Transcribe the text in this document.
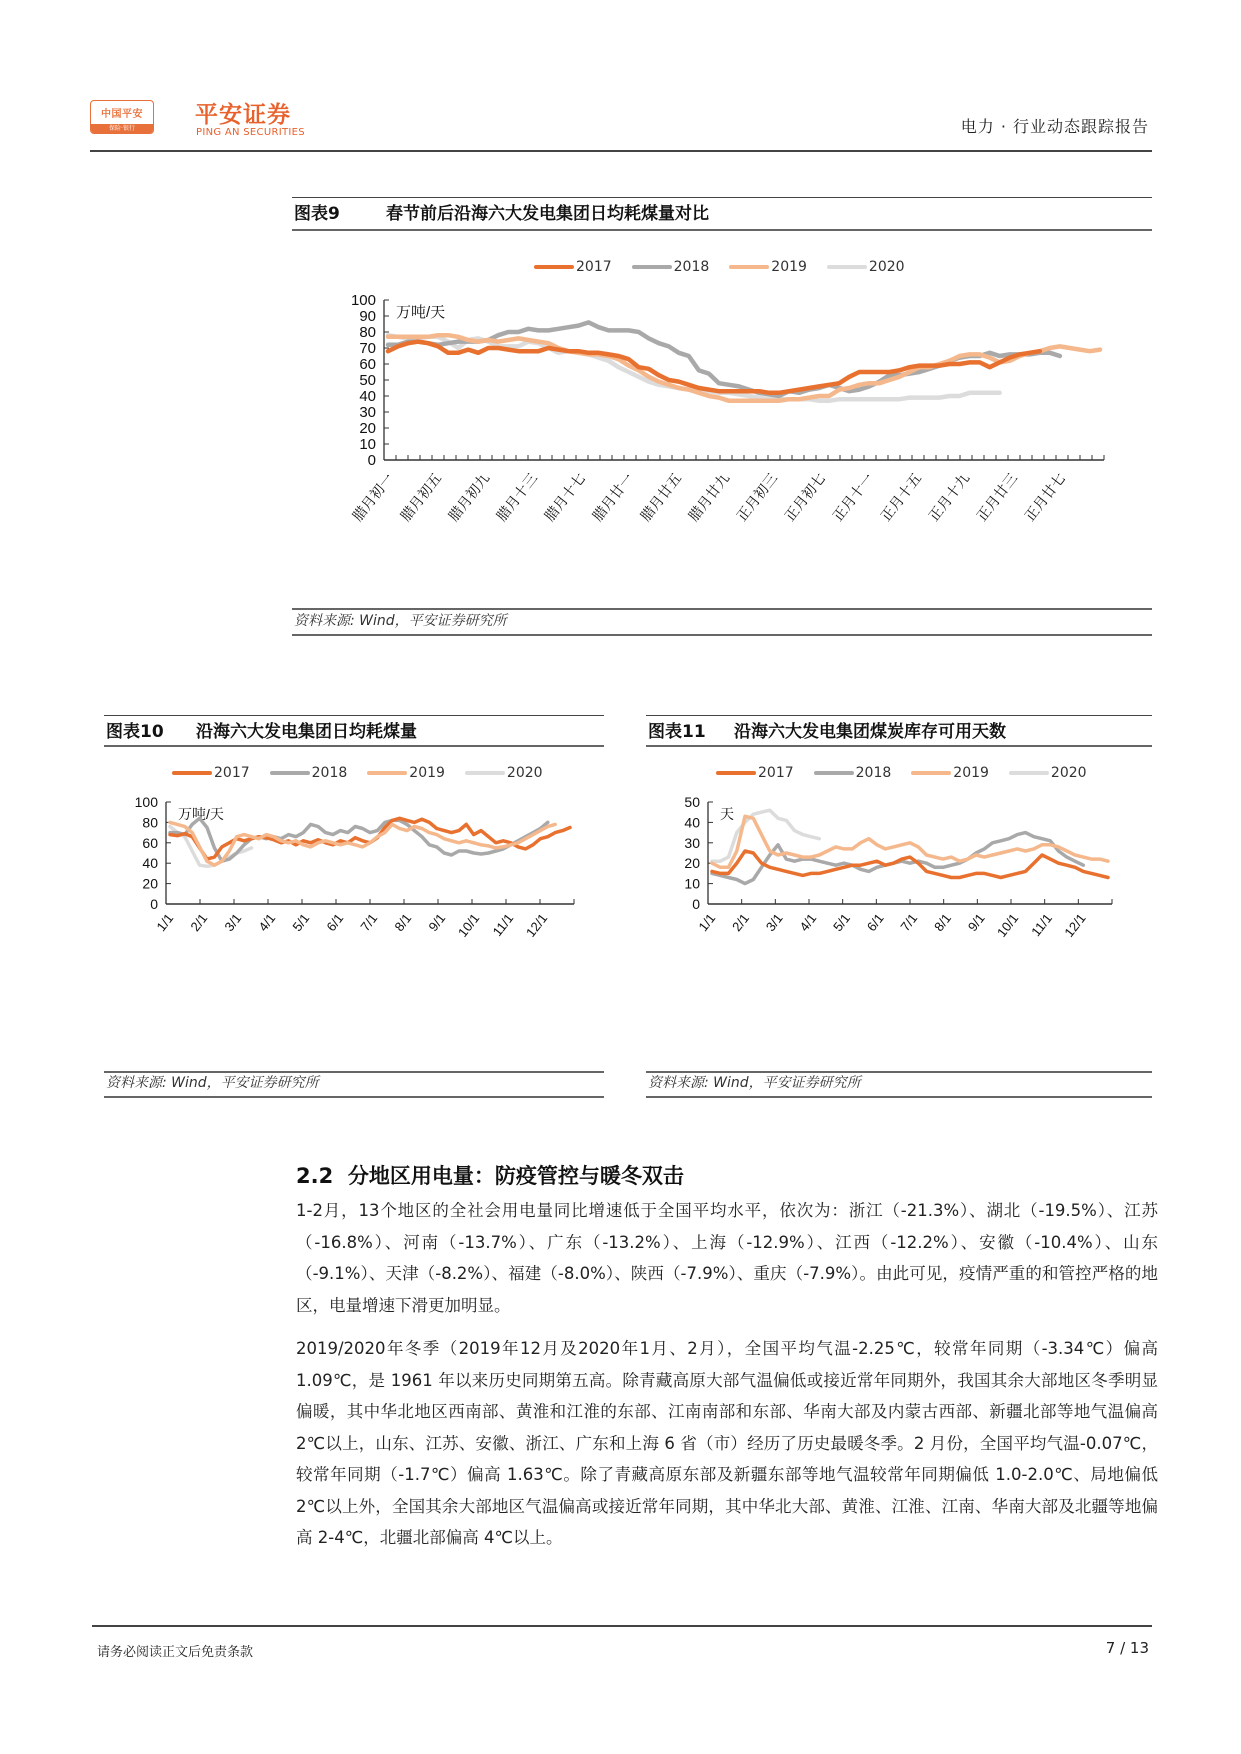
中国平安
保险·银行
平安证券
PING AN SECURITIES	电力 · 行业动态跟踪报告
图表9	春节前后沿海六大发电集团日均耗煤量对比
2017	2018	2019	2020
0
10
20
30
40
50
60
70
80
90
100
万吨/天
腊月初一 腊月初五 腊月初九 腊月十三 腊月十七 腊月廿一 腊月廿五 腊月廿九 正月初三 正月初七 正月十一 正月十五 正月十九 正月廿三 正月廿七
资料来源: Wind，平安证券研究所
图表10 沿海六大发电集团日均耗煤量
2017	2018	2019	2020
0
20
40
60
80
100
万吨/天
1/1 2/1 3/1 4/1 5/1 6/1 7/1 8/1 9/1 10/1 11/1 12/1
资料来源: Wind，平安证券研究所
图表11 沿海六大发电集团煤炭库存可用天数
2017	2018	2019	2020
0
10
20
30
40
50
天
1/1 2/1 3/1 4/1 5/1 6/1 7/1 8/1 9/1 10/1 11/1 12/1
资料来源: Wind，平安证券研究所
2.2  分地区用电量：防疫管控与暖冬双击
1-2月，13个地区的全社会用电量同比增速低于全国平均水平，依次为：浙江（-21.3%）、湖北（-19.5%）、江苏（-16.8%）、河南（-13.7%）、广东（-13.2%）、上海（-12.9%）、江西（-12.2%）、安徽（-10.4%）、山东（-9.1%）、天津（-8.2%）、福建（-8.0%）、陕西（-7.9%）、重庆（-7.9%）。由此可见，疫情严重的和管控严格的地区，电量增速下滑更加明显。
2019/2020年冬季（2019年12月及2020年1月、2月），全国平均气温-2.25℃，较常年同期（-3.34℃）偏高 1.09℃，是 1961 年以来历史同期第五高。除青藏高原大部气温偏低或接近常年同期外，我国其余大部地区冬季明显偏暖，其中华北地区西南部、黄淮和江淮的东部、江南南部和东部、华南大部及内蒙古西部、新疆北部等地气温偏高 2℃以上，山东、江苏、安徽、浙江、广东和上海 6 省（市）经历了历史最暖冬季。2 月份，全国平均气温-0.07℃，较常年同期（-1.7℃）偏高 1.63℃。除了青藏高原东部及新疆东部等地气温较常年同期偏低 1.0-2.0℃、局地偏低 2℃以上外，全国其余大部地区气温偏高或接近常年同期，其中华北大部、黄淮、江淮、江南、华南大部及北疆等地偏高 2-4℃，北疆北部偏高 4℃以上。
请务必阅读正文后免责条款	7 / 13
